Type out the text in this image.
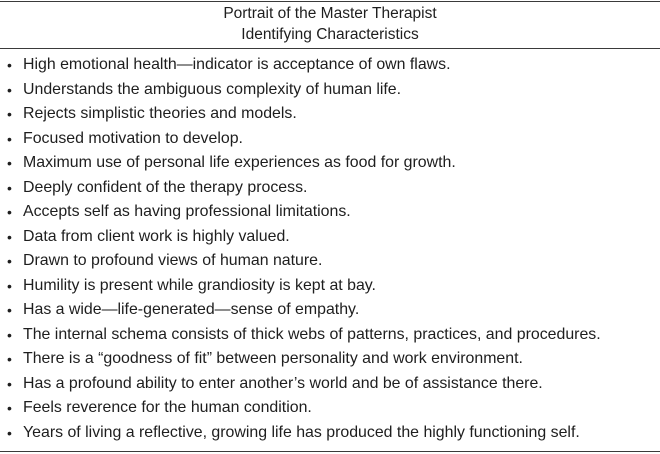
Portrait of the Master Therapist
Identifying Characteristics
• High emotional health—indicator is acceptance of own flaws.
• Understands the ambiguous complexity of human life.
• Rejects simplistic theories and models.
• Focused motivation to develop.
• Maximum use of personal life experiences as food for growth.
• Deeply confident of the therapy process.
• Accepts self as having professional limitations.
• Data from client work is highly valued.
• Drawn to profound views of human nature.
• Humility is present while grandiosity is kept at bay.
• Has a wide—life-generated—sense of empathy.
• The internal schema consists of thick webs of patterns, practices, and procedures.
• There is a “goodness of fit” between personality and work environment.
• Has a profound ability to enter another’s world and be of assistance there.
• Feels reverence for the human condition.
• Years of living a reflective, growing life has produced the highly functioning self.
